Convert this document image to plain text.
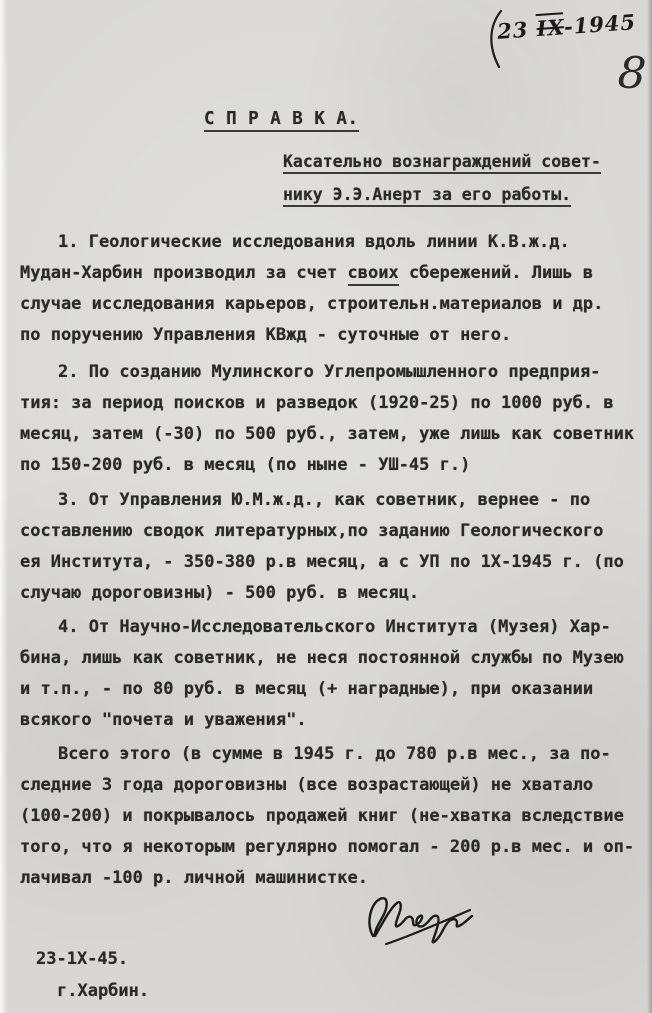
23 IX-1945
8
С П Р А В К А.
Касательно вознаграждений совет-
нику Э.Э.Анерт за его работы.
1. Геологические исследования вдоль линии К.В.ж.д.
Мудан-Харбин производил за счет своих сбережений. Лишь в
случае исследования карьеров, строительн.материалов и др.
по поручению Управления КВжд - суточные от него.
2. По созданию Мулинского Углепромышленного предприя-
тия: за период поисков и разведок (1920-25) по 1000 руб. в
месяц, затем (-30) по 500 руб., затем, уже лишь как советник
по 150-200 руб. в месяц (по ныне - УШ-45 г.)
3. От Управления Ю.М.ж.д., как советник, вернее - по
составлению сводок литературных,по заданию Геологического
ея Института, - 350-380 р.в месяц, а с УП по 1Х-1945 г. (по
случаю дороговизны) - 500 руб. в месяц.
4. От Научно-Исследовательского Института (Музея) Хар-
бина, лишь как советник, не неся постоянной службы по Музею
и т.п., - по 80 руб. в месяц (+ наградные), при оказании
всякого "почета и уважения".
Всего этого (в сумме в 1945 г. до 780 р.в мес., за по-
следние 3 года дороговизны (все возрастающей) не хватало
(100-200) и покрывалось продажей книг (не-хватка вследствие
того, что я некоторым регулярно помогал - 200 р.в мес. и оп-
лачивал -100 р. личной машинистке.
23-1Х-45.
г.Харбин.
